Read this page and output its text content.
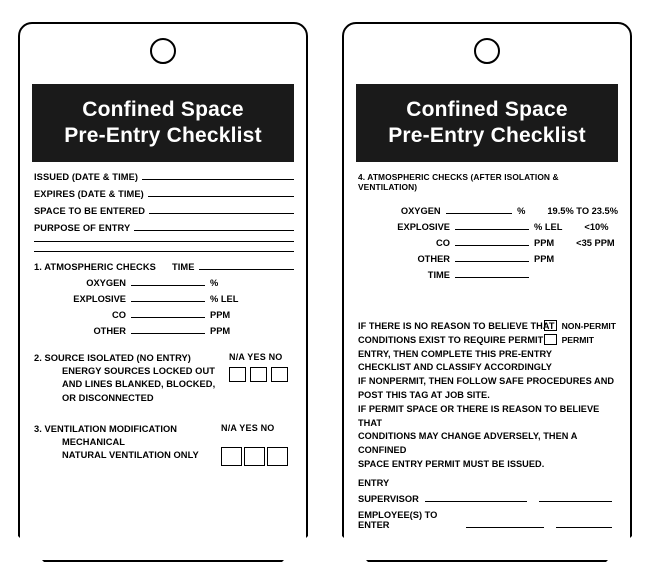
Confined Space
Pre-Entry Checklist
ISSUED (DATE & TIME)
EXPIRES (DATE & TIME)
SPACE TO BE ENTERED
PURPOSE OF ENTRY
1. ATMOSPHERIC CHECKS TIME
OXYGEN	%
EXPLOSIVE	% LEL
CO	PPM
OTHER	PPM
2. SOURCE ISOLATED (NO ENTRY)
ENERGY SOURCES LOCKED OUT
AND LINES BLANKED, BLOCKED,
OR DISCONNECTED
N/A YES NO
3. VENTILATION MODIFICATION
MECHANICAL
NATURAL VENTILATION ONLY
N/A YES NO
Confined Space
Pre-Entry Checklist
4. ATMOSPHERIC CHECKS (AFTER ISOLATION & VENTILATION)
OXYGEN	% 19.5% TO 23.5%
EXPLOSIVE	% LEL <10%
CO	PPM <35 PPM
OTHER	PPM
TIME
NON-PERMIT
PERMIT
IF THERE IS NO REASON TO BELIEVE THAT
CONDITIONS EXIST TO REQUIRE PERMIT
ENTRY, THEN COMPLETE THIS PRE-ENTRY
CHECKLIST AND CLASSIFY ACCORDINGLY
IF NONPERMIT, THEN FOLLOW SAFE PROCEDURES AND
POST THIS TAG AT JOB SITE.
IF PERMIT SPACE OR THERE IS REASON TO BELIEVE THAT
CONDITIONS MAY CHANGE ADVERSELY, THEN A CONFINED
SPACE ENTRY PERMIT MUST BE ISSUED.
ENTRY
SUPERVISOR
EMPLOYEE(S) TO ENTER
